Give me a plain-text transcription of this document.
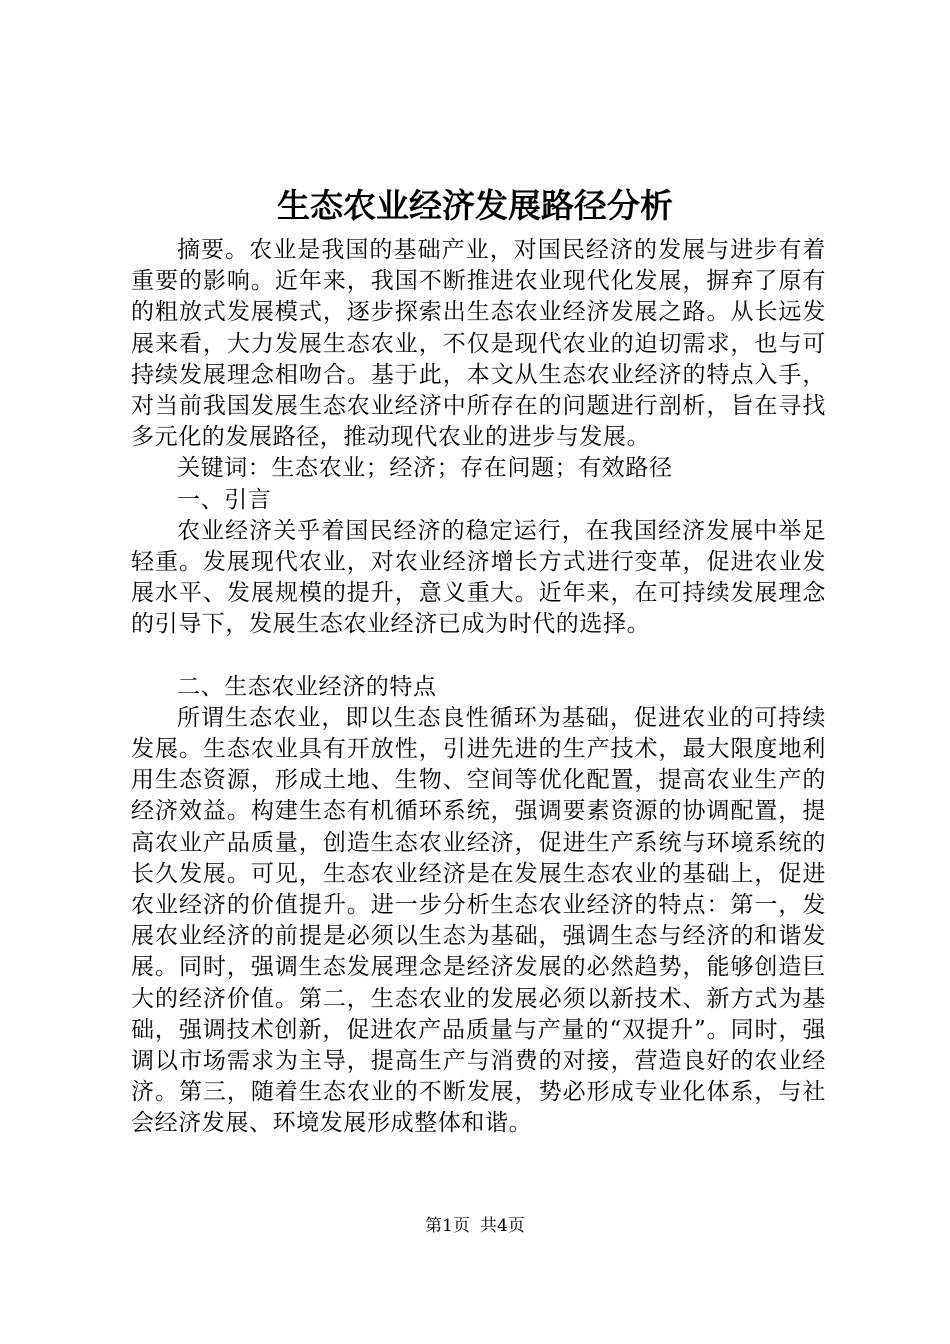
生态农业经济发展路径分析

摘要。农业是我国的基础产业，对国民经济的发展与进步有着重要的影响。近年来，我国不断推进农业现代化发展，摒弃了原有的粗放式发展模式，逐步探索出生态农业经济发展之路。从长远发展来看，大力发展生态农业，不仅是现代农业的迫切需求，也与可持续发展理念相吻合。基于此，本文从生态农业经济的特点入手，对当前我国发展生态农业经济中所存在的问题进行剖析，旨在寻找多元化的发展路径，推动现代农业的进步与发展。

关键词：生态农业；经济；存在问题；有效路径

一、引言

农业经济关乎着国民经济的稳定运行，在我国经济发展中举足轻重。发展现代农业，对农业经济增长方式进行变革，促进农业发展水平、发展规模的提升，意义重大。近年来，在可持续发展理念的引导下，发展生态农业经济已成为时代的选择。

二、生态农业经济的特点

所谓生态农业，即以生态良性循环为基础，促进农业的可持续发展。生态农业具有开放性，引进先进的生产技术，最大限度地利用生态资源，形成土地、生物、空间等优化配置，提高农业生产的经济效益。构建生态有机循环系统，强调要素资源的协调配置，提高农业产品质量，创造生态农业经济，促进生产系统与环境系统的长久发展。可见，生态农业经济是在发展生态农业的基础上，促进农业经济的价值提升。进一步分析生态农业经济的特点：第一，发展农业经济的前提是必须以生态为基础，强调生态与经济的和谐发展。同时，强调生态发展理念是经济发展的必然趋势，能够创造巨大的经济价值。第二，生态农业的发展必须以新技术、新方式为基础，强调技术创新，促进农产品质量与产量的“双提升”。同时，强调以市场需求为主导，提高生产与消费的对接，营造良好的农业经济。第三，随着生态农业的不断发展，势必形成专业化体系，与社会经济发展、环境发展形成整体和谐。

第1页 共4页
